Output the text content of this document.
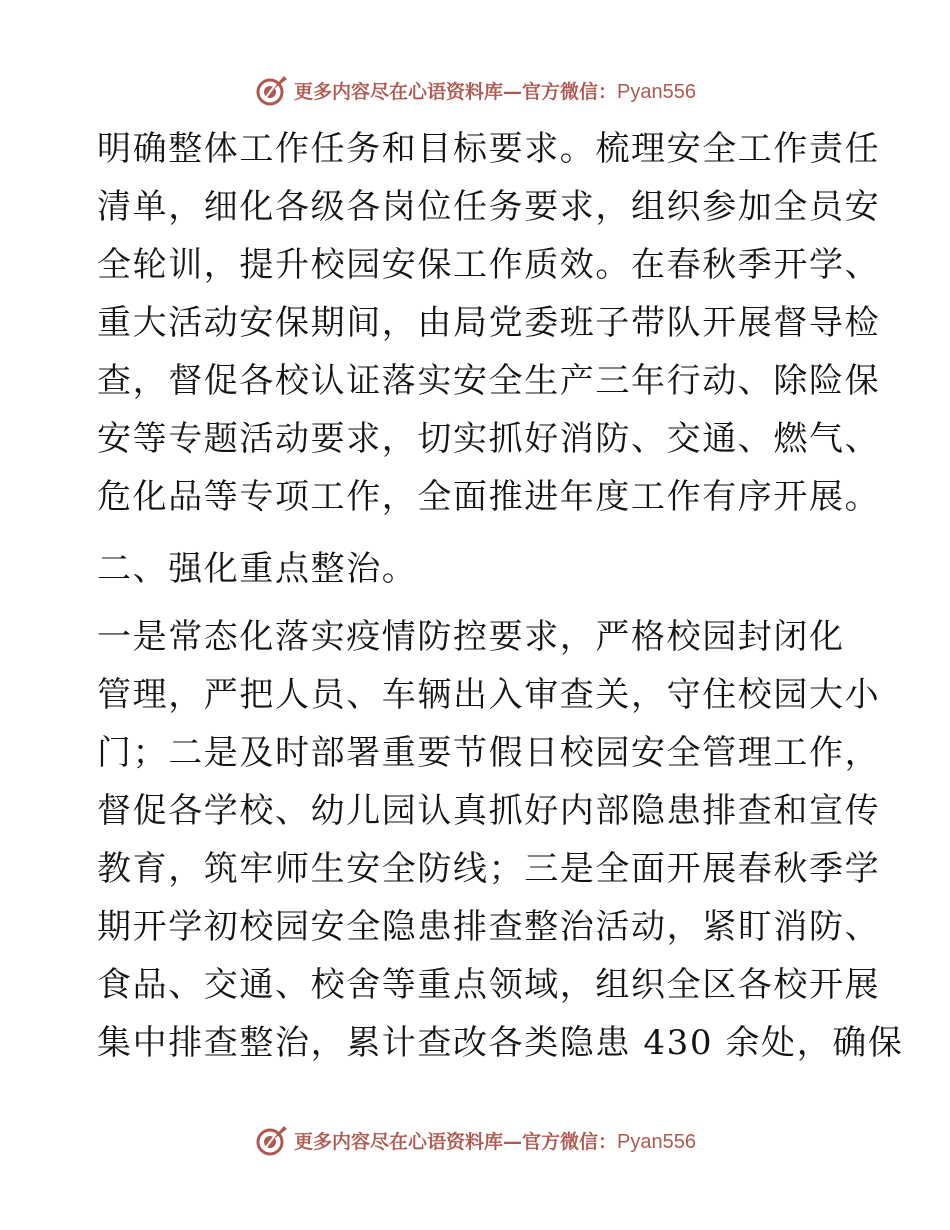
更多内容尽在心语资料库—官方微信：Pyan556
明确整体工作任务和目标要求。梳理安全工作责任
清单，细化各级各岗位任务要求，组织参加全员安
全轮训，提升校园安保工作质效。在春秋季开学、
重大活动安保期间，由局党委班子带队开展督导检
查，督促各校认证落实安全生产三年行动、除险保
安等专题活动要求，切实抓好消防、交通、燃气、
危化品等专项工作，全面推进年度工作有序开展。
二、强化重点整治。
一是常态化落实疫情防控要求，严格校园封闭化
管理，严把人员、车辆出入审查关，守住校园大小
门；二是及时部署重要节假日校园安全管理工作，
督促各学校、幼儿园认真抓好内部隐患排查和宣传
教育，筑牢师生安全防线；三是全面开展春秋季学
期开学初校园安全隐患排查整治活动，紧盯消防、
食品、交通、校舍等重点领域，组织全区各校开展
集中排查整治，累计查改各类隐患 430 余处，确保
更多内容尽在心语资料库—官方微信：Pyan556
